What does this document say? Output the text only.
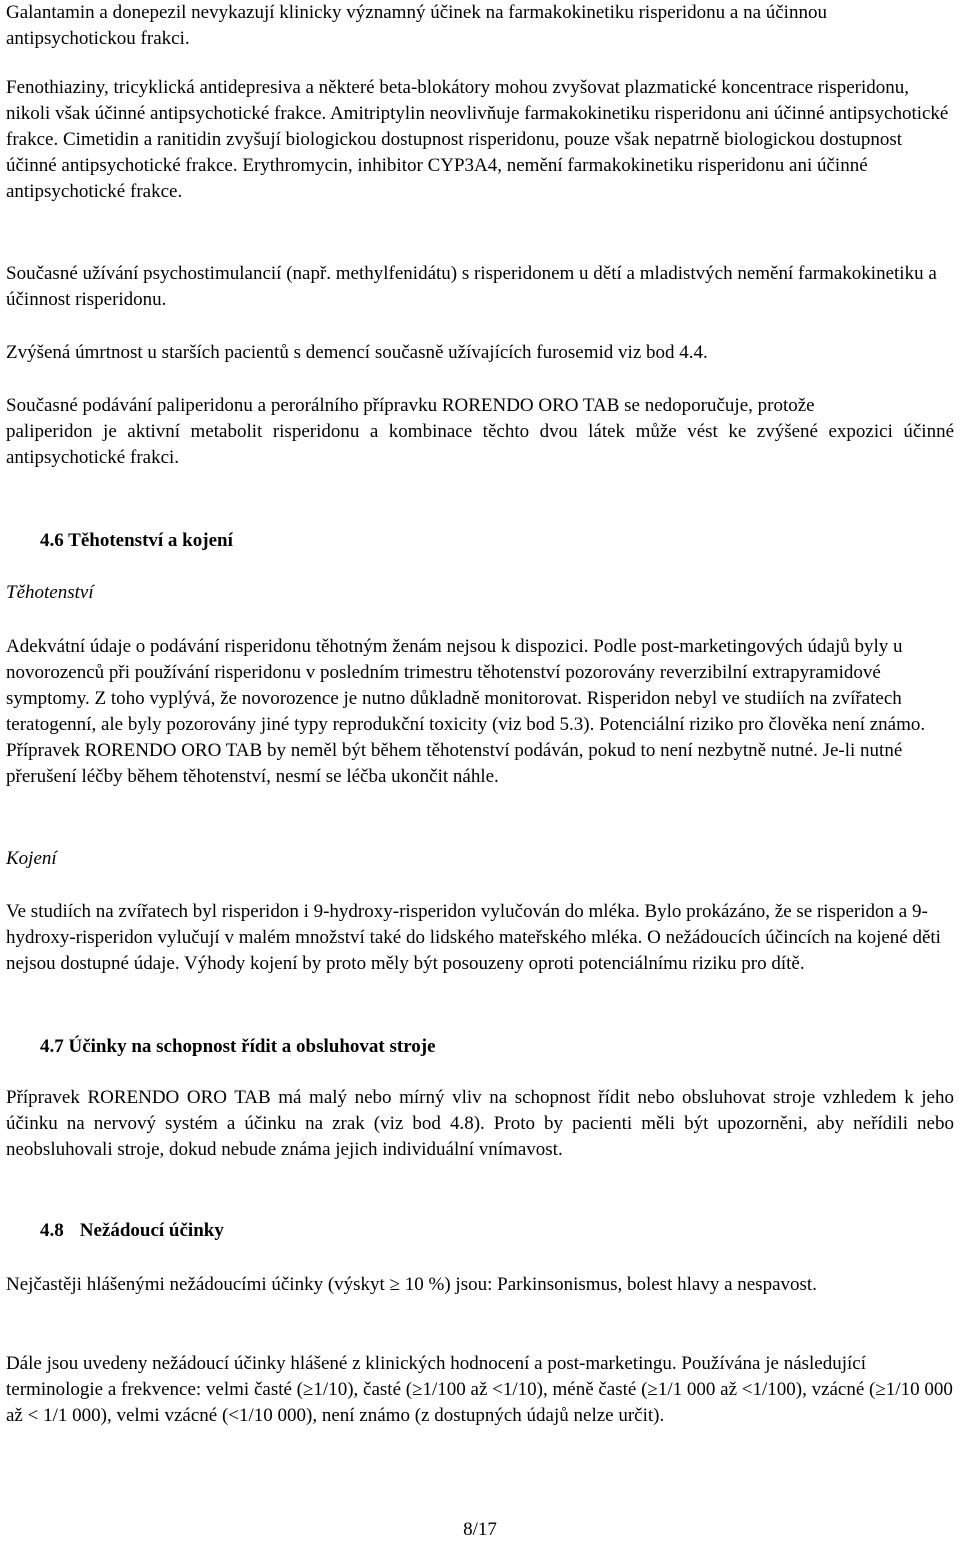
Galantamin a donepezil nevykazují klinicky významný účinek na farmakokinetiku risperidonu a na účinnou antipsychotickou frakci.

Fenothiaziny, tricyklická antidepresiva a některé beta-blokátory mohou zvyšovat plazmatické koncentrace risperidonu, nikoli však účinné antipsychotické frakce. Amitriptylin neovlivňuje farmakokinetiku risperidonu ani účinné antipsychotické frakce. Cimetidin a ranitidin zvyšují biologickou dostupnost risperidonu, pouze však nepatrně biologickou dostupnost účinné antipsychotické frakce. Erythromycin, inhibitor CYP3A4, nemění farmakokinetiku risperidonu ani účinné antipsychotické frakce.

Současné užívání psychostimulancií (např. methylfenidátu) s risperidonem u dětí a mladistvých nemění farmakokinetiku a účinnost risperidonu.

Zvýšená úmrtnost u starších pacientů s demencí současně užívajících furosemid viz bod 4.4.

Současné podávání paliperidonu a perorálního přípravku RORENDO ORO TAB se nedoporučuje, protože

paliperidon je aktivní metabolit risperidonu a kombinace těchto dvou látek může vést ke zvýšené expozici účinné antipsychotické frakci.

4.6 Těhotenství a kojení
Těhotenství

Adekvátní údaje o podávání risperidonu těhotným ženám nejsou k dispozici. Podle post-marketingových údajů byly u novorozenců při používání risperidonu v posledním trimestru těhotenství pozorovány reverzibilní extrapyramidové symptomy. Z toho vyplývá, že novorozence je nutno důkladně monitorovat. Risperidon nebyl ve studiích na zvířatech teratogenní, ale byly pozorovány jiné typy reprodukční toxicity (viz bod 5.3). Potenciální riziko pro člověka není známo. Přípravek RORENDO ORO TAB by neměl být během těhotenství podáván, pokud to není nezbytně nutné. Je-li nutné přerušení léčby během těhotenství, nesmí se léčba ukončit náhle.

Kojení

Ve studiích na zvířatech byl risperidon i 9-hydroxy-risperidon vylučován do mléka. Bylo prokázáno, že se risperidon a 9-hydroxy-risperidon vylučují v malém množství také do lidského mateřského mléka. O nežádoucích účincích na kojené děti nejsou dostupné údaje. Výhody kojení by proto měly být posouzeny oproti potenciálnímu riziku pro dítě.

4.7 Účinky na schopnost řídit a obsluhovat stroje

Přípravek RORENDO ORO TAB má malý nebo mírný vliv na schopnost řídit nebo obsluhovat stroje vzhledem k jeho účinku na nervový systém a účinku na zrak (viz bod 4.8). Proto by pacienti měli být upozorněni, aby neřídili nebo neobsluhovali stroje, dokud nebude známa jejich individuální vnímavost.

4.8 Nežádoucí účinky

Nejčastěji hlášenými nežádoucími účinky (výskyt ≥ 10 %) jsou: Parkinsonismus, bolest hlavy a nespavost.

Dále jsou uvedeny nežádoucí účinky hlášené z klinických hodnocení a post-marketingu. Používána je následující terminologie a frekvence: velmi časté (≥1/10), časté (≥1/100 až <1/10), méně časté (≥1/1 000 až <1/100), vzácné (≥1/10 000 až < 1/1 000), velmi vzácné (<1/10 000), není známo (z dostupných údajů nelze určit).

8/17
